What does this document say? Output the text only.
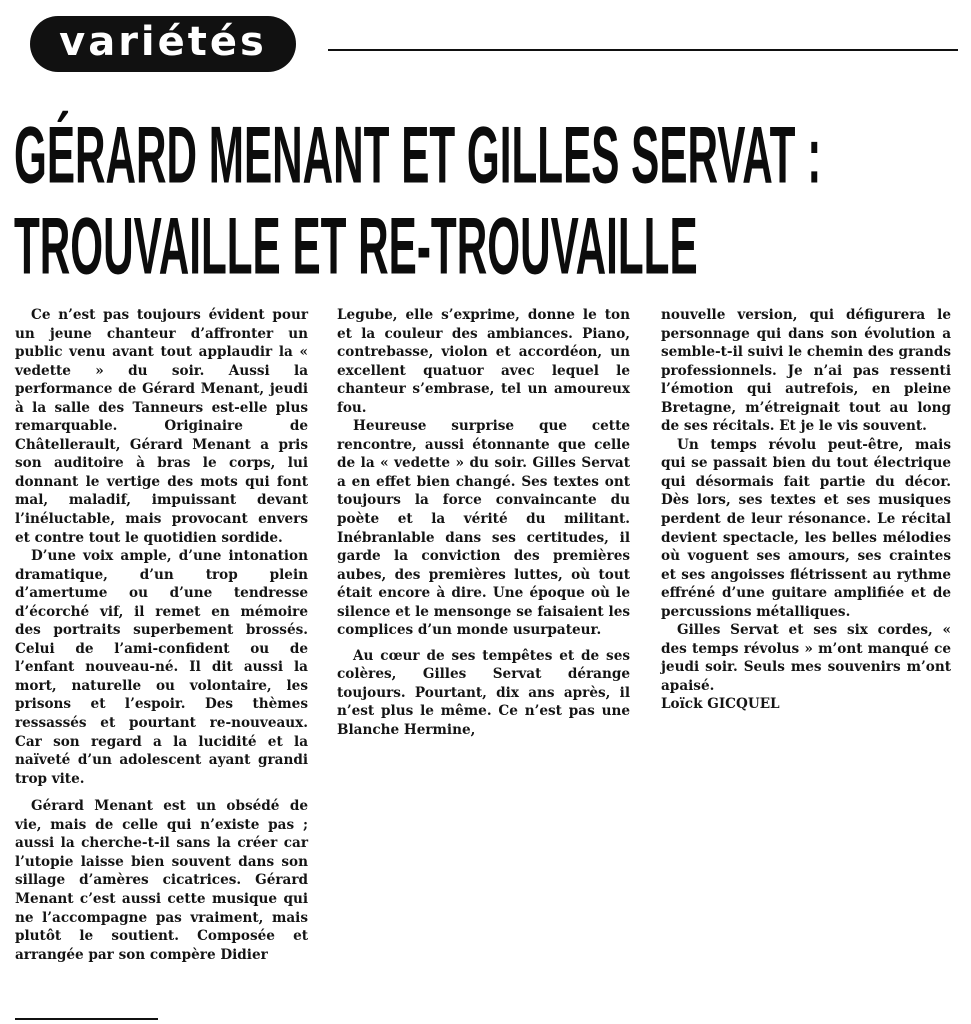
variétés
GÉRARD MENANT ET GILLES SERVAT :
TROUVAILLE ET RE-TROUVAILLE

Ce n’est pas toujours évident pour un jeune chanteur d’affronter un public venu avant tout applaudir la « vedette » du soir. Aussi la performance de Gérard Menant, jeudi à la salle des Tanneurs est-elle plus remarquable. Originaire de Châtellerault, Gérard Menant a pris son auditoire à bras le corps, lui donnant le vertige des mots qui font mal, maladif, impuissant devant l’inéluctable, mais provocant envers et contre tout le quotidien sordide.

D’une voix ample, d’une intonation dramatique, d’un trop plein d’amertume ou d’une tendresse d’écorché vif, il remet en mémoire des portraits superbement brossés. Celui de l’ami-confident ou de l’enfant nouveau-né. Il dit aussi la mort, naturelle ou volontaire, les prisons et l’espoir. Des thèmes ressassés et pourtant re-nouveaux. Car son regard a la lucidité et la naïveté d’un adolescent ayant grandi trop vite.

Gérard Menant est un obsédé de vie, mais de celle qui n’existe pas ; aussi la cherche-t-il sans la créer car l’utopie laisse bien souvent dans son sillage d’amères cicatrices. Gérard Menant c’est aussi cette musique qui ne l’accompagne pas vraiment, mais plutôt le soutient. Composée et arrangée par son compère Didier

Legube, elle s’exprime, donne le ton et la couleur des ambiances. Piano, contrebasse, violon et accordéon, un excellent quatuor avec lequel le chanteur s’embrase, tel un amoureux fou.

Heureuse surprise que cette rencontre, aussi étonnante que celle de la « vedette » du soir. Gilles Servat a en effet bien changé. Ses textes ont toujours la force convaincante du poète et la vérité du militant. Inébranlable dans ses certitudes, il garde la conviction des premières aubes, des premières luttes, où tout était encore à dire. Une époque où le silence et le mensonge se faisaient les complices d’un monde usurpateur.

Au cœur de ses tempêtes et de ses colères, Gilles Servat dérange toujours. Pourtant, dix ans après, il n’est plus le même. Ce n’est pas une Blanche Hermine,

nouvelle version, qui défigurera le personnage qui dans son évolution a semble-t-il suivi le chemin des grands professionnels. Je n’ai pas ressenti l’émotion qui autrefois, en pleine Bretagne, m’étreignait tout au long de ses récitals. Et je le vis souvent.

Un temps révolu peut-être, mais qui se passait bien du tout électrique qui désormais fait partie du décor. Dès lors, ses textes et ses musiques perdent de leur résonance. Le récital devient spectacle, les belles mélodies où voguent ses amours, ses craintes et ses angoisses flétrissent au rythme effréné d’une guitare amplifiée et de percussions métalliques.

Gilles Servat et ses six cordes, « des temps révolus » m’ont manqué ce jeudi soir. Seuls mes souvenirs m’ont apaisé.

Loïck GICQUEL
